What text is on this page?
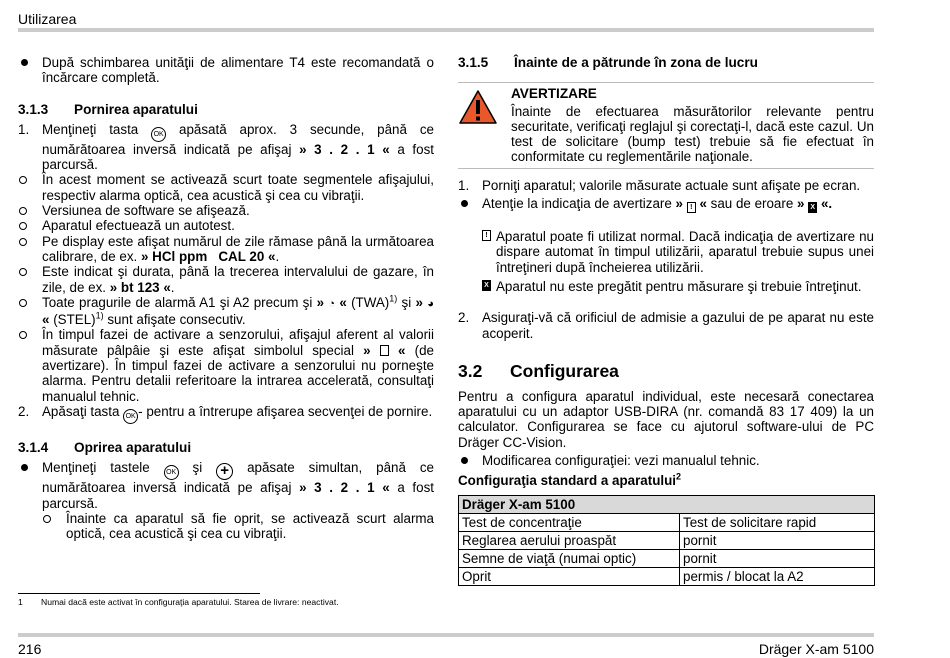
Utilizarea
După schimbarea unităţii de alimentare T4 este recomandată o încărcare completă.
3.1.3 Pornirea aparatului
1. Menţineţi tasta OK apăsată aprox. 3 secunde, până ce numărătoarea inversă indicată pe afişaj » 3 . 2 . 1 « a fost parcursă.
În acest moment se activează scurt toate segmentele afişajului, respectiv alarma optică, cea acustică şi cea cu vibraţii.
Versiunea de software se afişează.
Aparatul efectuează un autotest.
Pe display este afişat numărul de zile rămase până la următoarea calibrare, de ex. » HCl ppm   CAL 20 «.
Este indicat şi durata, până la trecerea intervalului de gazare, în zile, de ex. » bt 123 «.
Toate pragurile de alarmă A1 şi A2 precum şi » ◔ « (TWA)$^{1)}$ şi » ◕ « (STEL)$^{1)}$ sunt afişate consecutiv.
În timpul fazei de activare a senzorului, afişajul aferent al valorii măsurate pâlpâie şi este afişat simbolul special » « (de avertizare). În timpul fazei de activare a senzorului nu porneşte alarma. Pentru detalii referitoare la intrarea accelerată, consultaţi manualul tehnic.
2. Apăsaţi tasta OK - pentru a întrerupe afişarea secvenţei de pornire.
3.1.4 Oprirea aparatului
Menţineţi tastele OK şi + apăsate simultan, până ce numărătoarea inversă indicată pe afişaj » 3 . 2 . 1 « a fost parcursă.
Înainte ca aparatul să fie oprit, se activează scurt alarma optică, cea acustică şi cea cu vibraţii.
1 Numai dacă este activat în configuraţia aparatului. Starea de livrare: neactivat.
3.1.5 Înainte de a pătrunde în zona de lucru
AVERTIZARE
Înainte de efectuarea măsurătorilor relevante pentru securitate, verificaţi reglajul şi corectaţi-l, dacă este cazul. Un test de solicitare (bump test) trebuie să fie efectuat în conformitate cu reglementările naţionale.
1. Porniţi aparatul; valorile măsurate actuale sunt afişate pe ecran.
Atenţie la indicaţia de avertizare » ! « sau de eroare » X «.
! Aparatul poate fi utilizat normal. Dacă indicaţia de avertizare nu dispare automat în timpul utilizării, aparatul trebuie supus unei întreţineri după încheierea utilizării.
X Aparatul nu este pregătit pentru măsurare şi trebuie întreţinut.
2. Asiguraţi-vă că orificiul de admisie a gazului de pe aparat nu este acoperit.
3.2 Configurarea
Pentru a configura aparatul individual, este necesară conectarea aparatului cu un adaptor USB-DIRA (nr. comandă 83 17 409) la un calculator. Configurarea se face cu ajutorul software-ului de PC Dräger CC-Vision.
Modificarea configuraţiei: vezi manualul tehnic.
Configuraţia standard a aparatului$^2$
Dräger X-am 5100	
Test de concentraţie	Test de solicitare rapid
Reglarea aerului proaspăt	pornit
Semne de viaţă (numai optic)	pornit
Oprit	permis / blocat la A2
216	Dräger X-am 5100
